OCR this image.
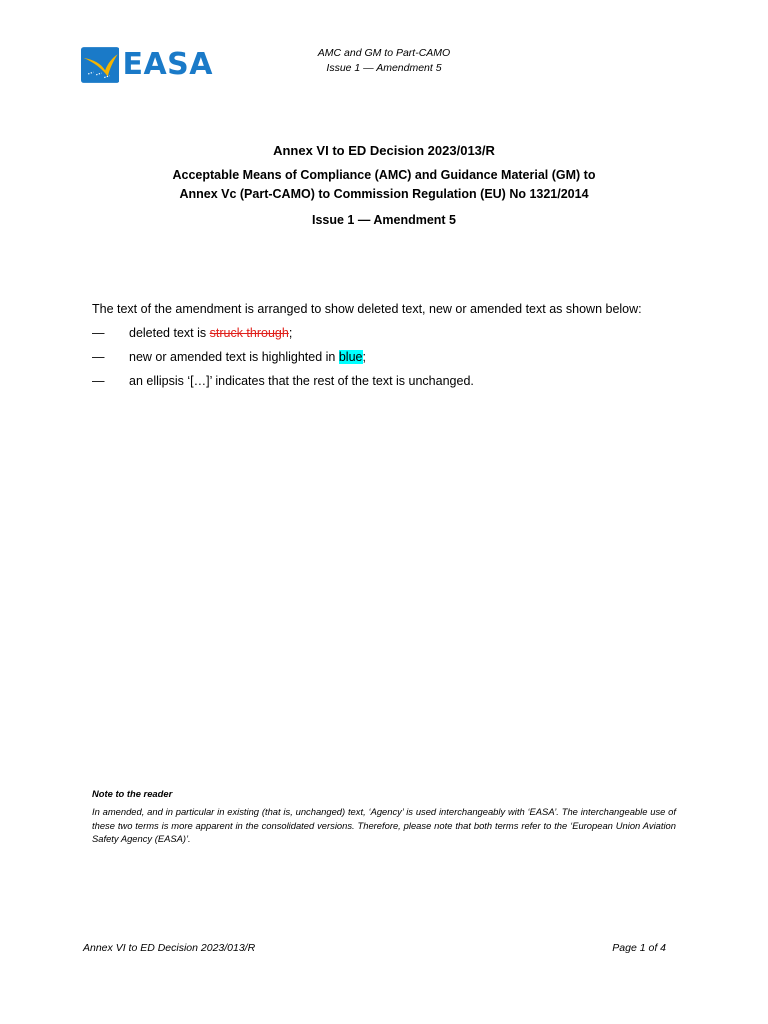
EASA	AMC and GM to Part-CAMO
Issue 1 — Amendment 5
Annex VI to ED Decision 2023/013/R
Acceptable Means of Compliance (AMC) and Guidance Material (GM) to
Annex Vc (Part-CAMO) to Commission Regulation (EU) No 1321/2014
Issue 1 — Amendment 5
The text of the amendment is arranged to show deleted text, new or amended text as shown below:
—	deleted text is struck through;
—	new or amended text is highlighted in blue;
—	an ellipsis ‘[…]’ indicates that the rest of the text is unchanged.
Note to the reader
In amended, and in particular in existing (that is, unchanged) text, ‘Agency’ is used interchangeably with ‘EASA’. The interchangeable use of these two terms is more apparent in the consolidated versions. Therefore, please note that both terms refer to the ‘European Union Aviation Safety Agency (EASA)’.
Annex VI to ED Decision 2023/013/R	Page 1 of 4
